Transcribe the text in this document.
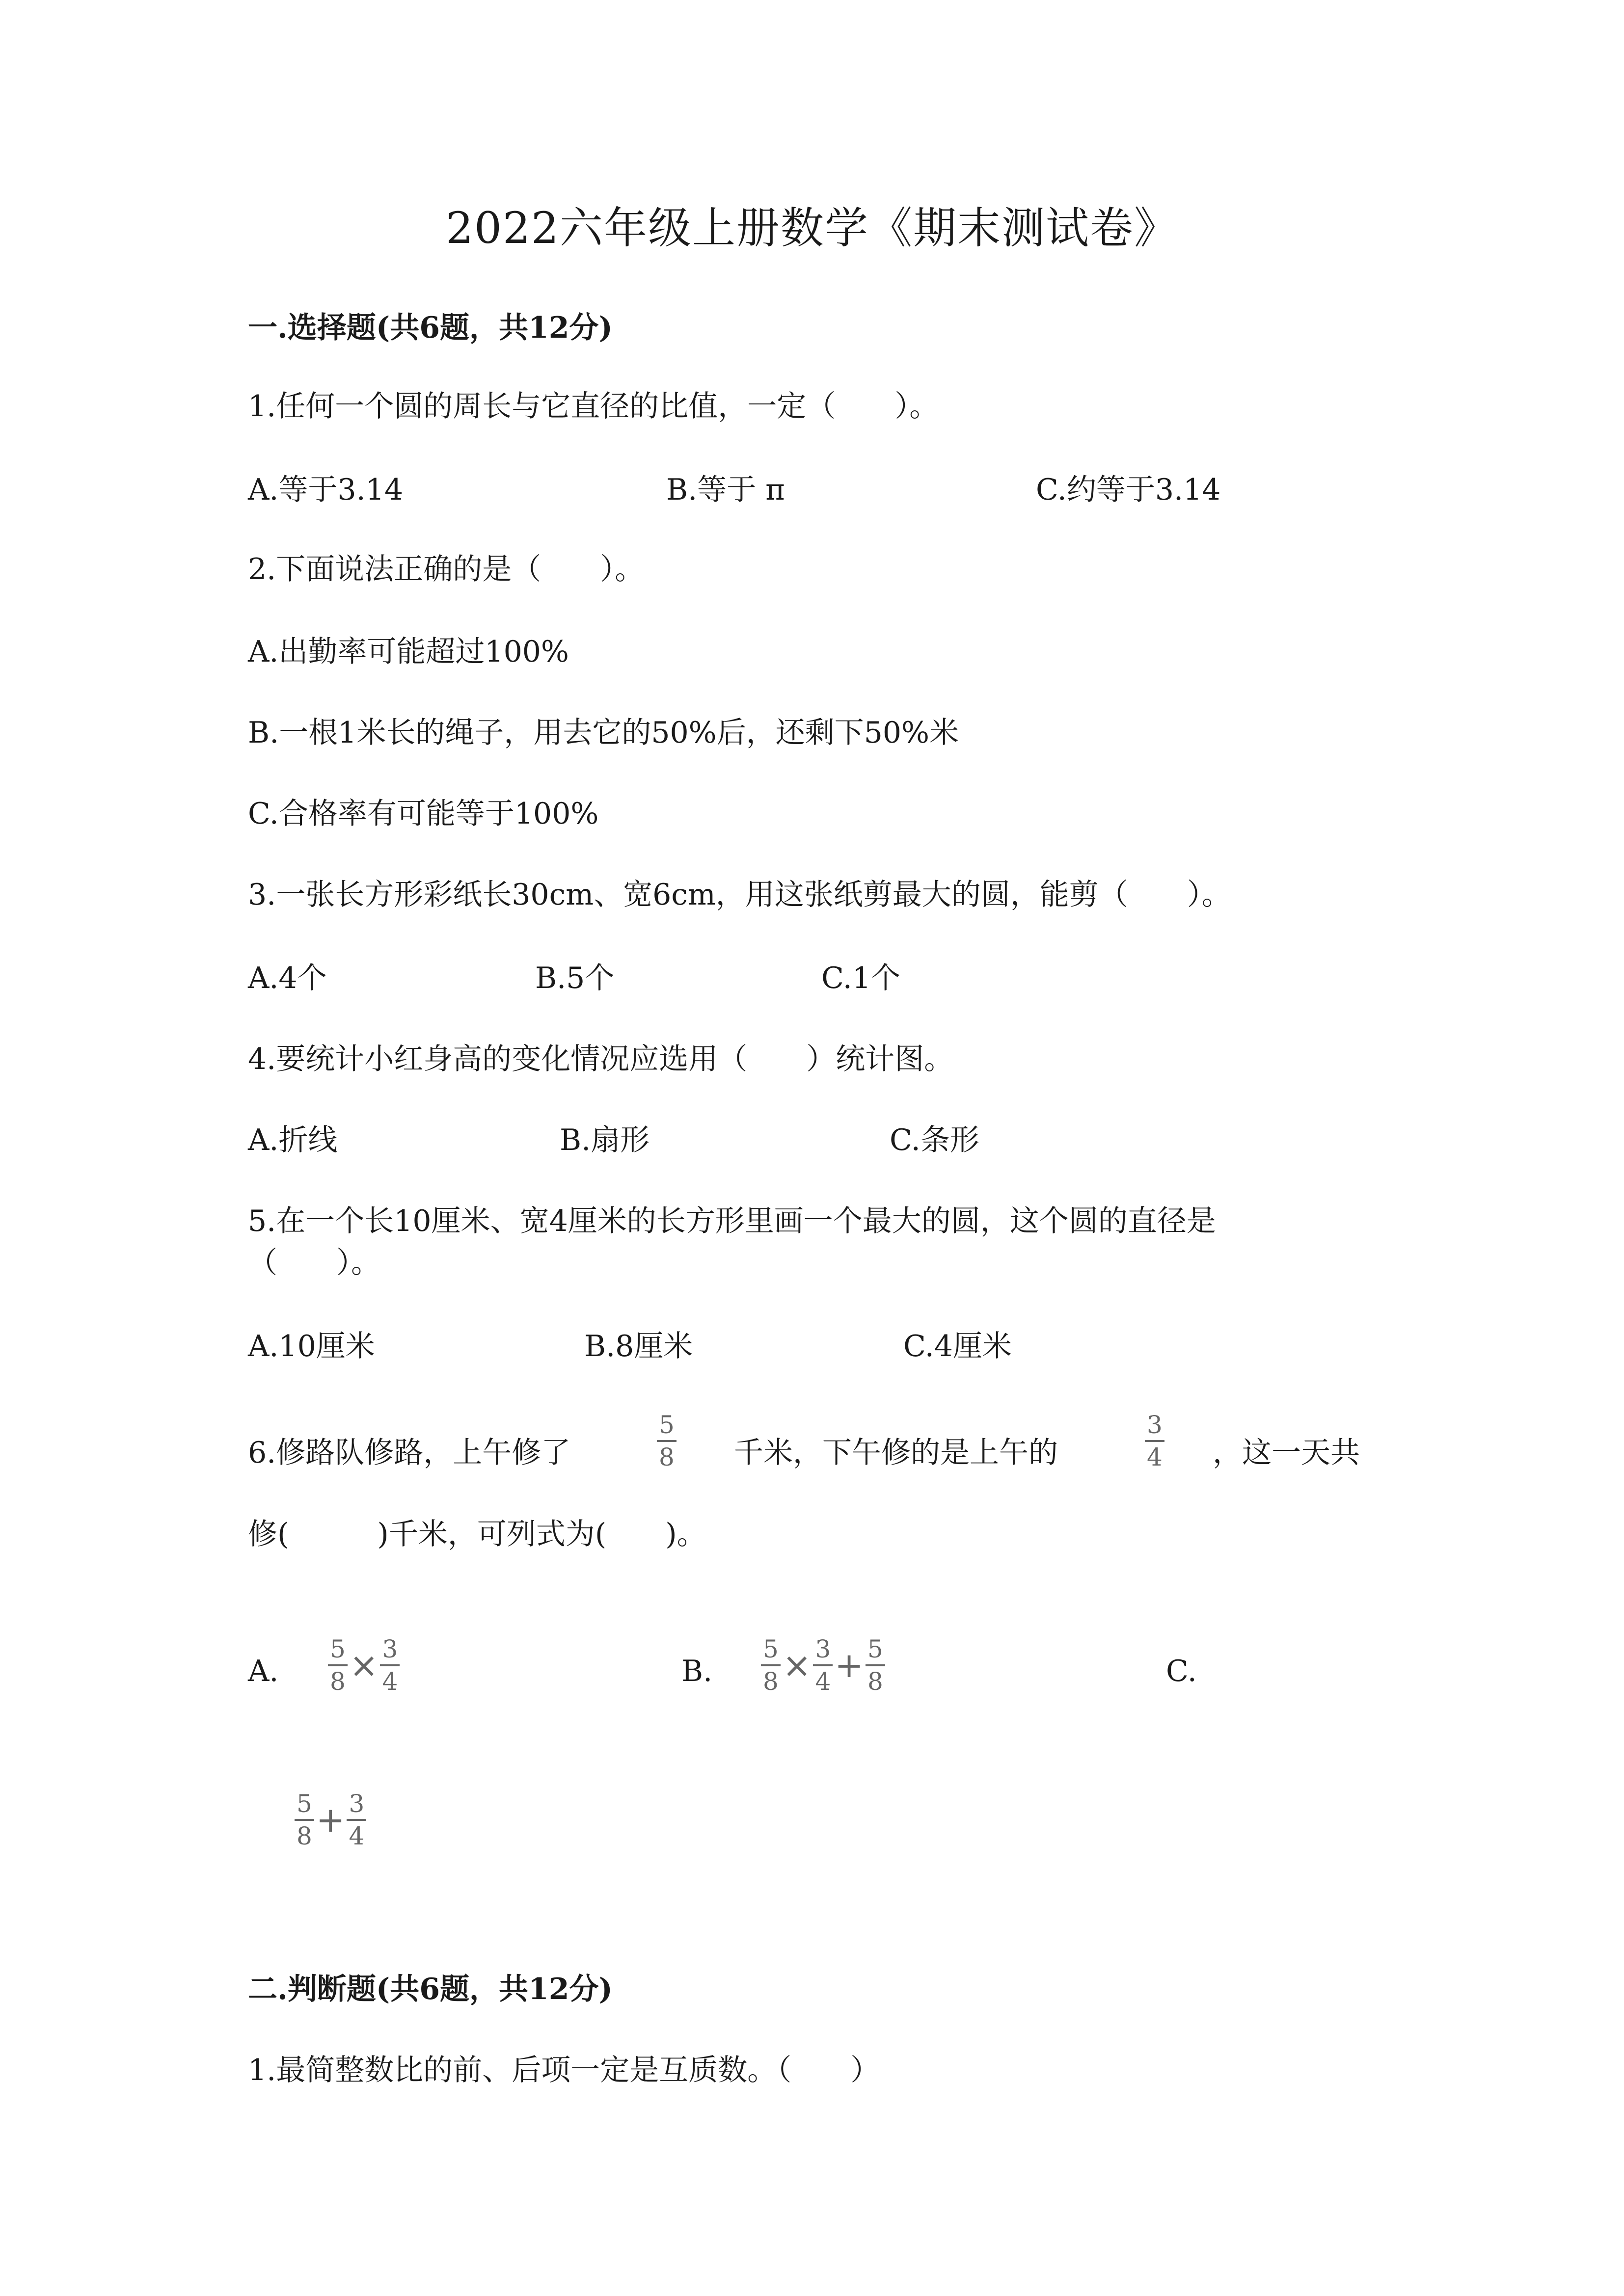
2022六年级上册数学《期末测试卷》
一.选择题(共6题，共12分)
1.任何一个圆的周长与它直径的比值，一定（　　）。
A.等于3.14	B.等于 π	C.约等于3.14
2.下面说法正确的是（　　）。
A.出勤率可能超过100%
B.一根1米长的绳子，用去它的50%后，还剩下50%米
C.合格率有可能等于100%
3.一张长方形彩纸长30cm、宽6cm，用这张纸剪最大的圆，能剪（　　）。
A.4个	B.5个	C.1个
4.要统计小红身高的变化情况应选用（　　）统计图。
A.折线	B.扇形	C.条形
5.在一个长10厘米、宽4厘米的长方形里画一个最大的圆，这个圆的直径是
（　　）。
A.10厘米	B.8厘米	C.4厘米
6.修路队修路，上午修了	$\frac{5}{8}$ 千米，下午修的是上午的	$\frac{3}{4}$ ，这一天共
修(　　　)千米，可列式为(　　)。
A. $\frac{5}{8} \times \frac{3}{4}$	B. $\frac{5}{8} \times \frac{3}{4} + \frac{5}{8}$	C.
$\frac{5}{8} + \frac{3}{4}$
二.判断题(共6题，共12分)
1.最简整数比的前、后项一定是互质数。（　　）
